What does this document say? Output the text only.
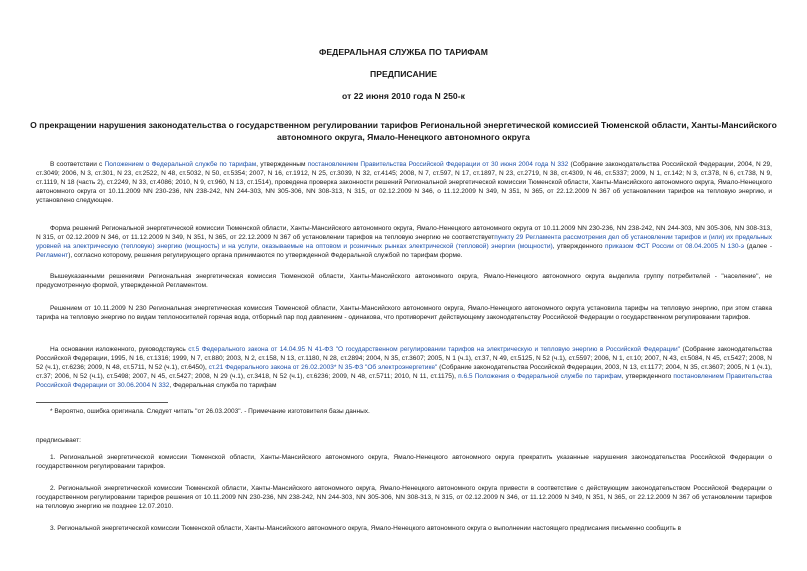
ФЕДЕРАЛЬНАЯ СЛУЖБА ПО ТАРИФАМ
ПРЕДПИСАНИЕ
от 22 июня 2010 года N 250-к
О прекращении нарушения законодательства о государственном регулировании тарифов Региональной энергетической комиссией Тюменской области, Ханты-Мансийского автономного округа, Ямало-Ненецкого автономного округа

В соответствии с Положением о Федеральной службе по тарифам, утвержденным постановлением Правительства Российской Федерации от 30 июня 2004 года N 332 (Собрание законодательства Российской Федерации, 2004, N 29, ст.3049; 2006, N 3, ст.301, N 23, ст.2522, N 48, ст.5032, N 50, ст.5354; 2007, N 16, ст.1912, N 25, ст.3039, N 32, ст.4145; 2008, N 7, ст.597, N 17, ст.1897, N 23, ст.2719, N 38, ст.4309, N 46, ст.5337; 2009, N 1, ст.142; N 3, ст.378, N 6, ст.738, N 9, ст.1119, N 18 (часть 2), ст.2249, N 33, ст.4086; 2010, N 9, ст.960, N 13, ст.1514), проведена проверка законности решений Региональной энергетической комиссии Тюменской области, Ханты-Мансийского автономного округа, Ямало-Ненецкого автономного округа от 10.11.2009 NN 230-236, NN 238-242, NN 244-303, NN 305-306, NN 308-313, N 315, от 02.12.2009 N 346, о 11.12.2009 N 349, N 351, N 365, от 22.12.2009 N 367 об установлении тарифов на тепловую энергию, и установлено следующее.

Форма решений Региональной энергетической комиссии Тюменской области, Ханты-Мансийского автономного округа, Ямало-Ненецкого автономного округа от 10.11.2009 NN 230-236, NN 238-242, NN 244-303, NN 305-306, NN 308-313, N 315, от 02.12.2009 N 346, от 11.12.2009 N 349, N 351, N 365, от 22.12.2009 N 367 об установлении тарифов на тепловую энергию не соответствуетпункту 29 Регламента рассмотрения дел об установлении тарифов и (или) их предельных уровней на электрическую (тепловую) энергию (мощность) и на услуги, оказываемые на оптовом и розничных рынках электрической (тепловой) энергии (мощности), утвержденного приказом ФСТ России от 08.04.2005 N 130-э (далее - Регламент), согласно которому, решения регулирующего органа принимаются по утвержденной Федеральной службой по тарифам форме.

Вышеуказанными решениями Региональная энергетическая комиссия Тюменской области, Ханты-Мансийского автономного округа, Ямало-Ненецкого автономного округа выделила группу потребителей - "население", не предусмотренную формой, утвержденной Регламентом.

Решением от 10.11.2009 N 230 Региональная энергетическая комиссия Тюменской области, Ханты-Мансийского автономного округа, Ямало-Ненецкого автономного округа установила тарифы на тепловую энергию, при этом ставка тарифа на тепловую энергию по видам теплоносителей горячая вода, отборный пар под давлением - одинакова, что противоречит действующему законодательству Российской Федерации о государственном регулировании тарифов.

На основании изложенного, руководствуясь ст.5 Федерального закона от 14.04.95 N 41-ФЗ "О государственном регулировании тарифов на электрическую и тепловую энергию в Российской Федерации" (Собрание законодательства Российской Федерации, 1995, N 16, ст.1316; 1999, N 7, ст.880; 2003, N 2, ст.158, N 13, ст.1180, N 28, ст.2894; 2004, N 35, ст.3607; 2005, N 1 (ч.1), ст.37, N 49, ст.5125, N 52 (ч.1), ст.5597; 2006, N 1, ст.10; 2007, N 43, ст.5084, N 45, ст.5427; 2008, N 52 (ч.1), ст.6236; 2009, N 48, ст.5711, N 52 (ч.1), ст.6450), ст.21 Федерального закона от 26.02.2003* N 35-ФЗ "Об электроэнергетике" (Собрание законодательства Российской Федерации, 2003, N 13, ст.1177; 2004, N 35, ст.3607; 2005, N 1 (ч.1), ст.37; 2006, N 52 (ч.1), ст.5498; 2007, N 45, ст.5427; 2008, N 29 (ч.1), ст.3418, N 52 (ч.1), ст.6236; 2009, N 48, ст.5711; 2010, N 11, ст.1175), п.6.5 Положения о Федеральной службе по тарифам, утвержденного постановлением Правительства Российской Федерации от 30.06.2004 N 332, Федеральная служба по тарифам

* Вероятно, ошибка оригинала. Следует читать "от 26.03.2003". - Примечание изготовителя базы данных.

предписывает:

1. Региональной энергетической комиссии Тюменской области, Ханты-Мансийского автономного округа, Ямало-Ненецкого автономного округа прекратить указанные нарушения законодательства Российской Федерации о государственном регулировании тарифов.

2. Региональной энергетической комиссии Тюменской области, Ханты-Мансийского автономного округа, Ямало-Ненецкого автономного округа привести в соответствие с действующим законодательством Российской Федерации о государственном регулировании тарифов решения от 10.11.2009 NN 230-236, NN 238-242, NN 244-303, NN 305-306, NN 308-313, N 315, от 02.12.2009 N 346, от 11.12.2009 N 349, N 351, N 365, от 22.12.2009 N 367 об установлении тарифов на тепловую энергию не позднее 12.07.2010.

3. Региональной энергетической комиссии Тюменской области, Ханты-Мансийского автономного округа, Ямало-Ненецкого автономного округа о выполнении настоящего предписания письменно сообщить в
